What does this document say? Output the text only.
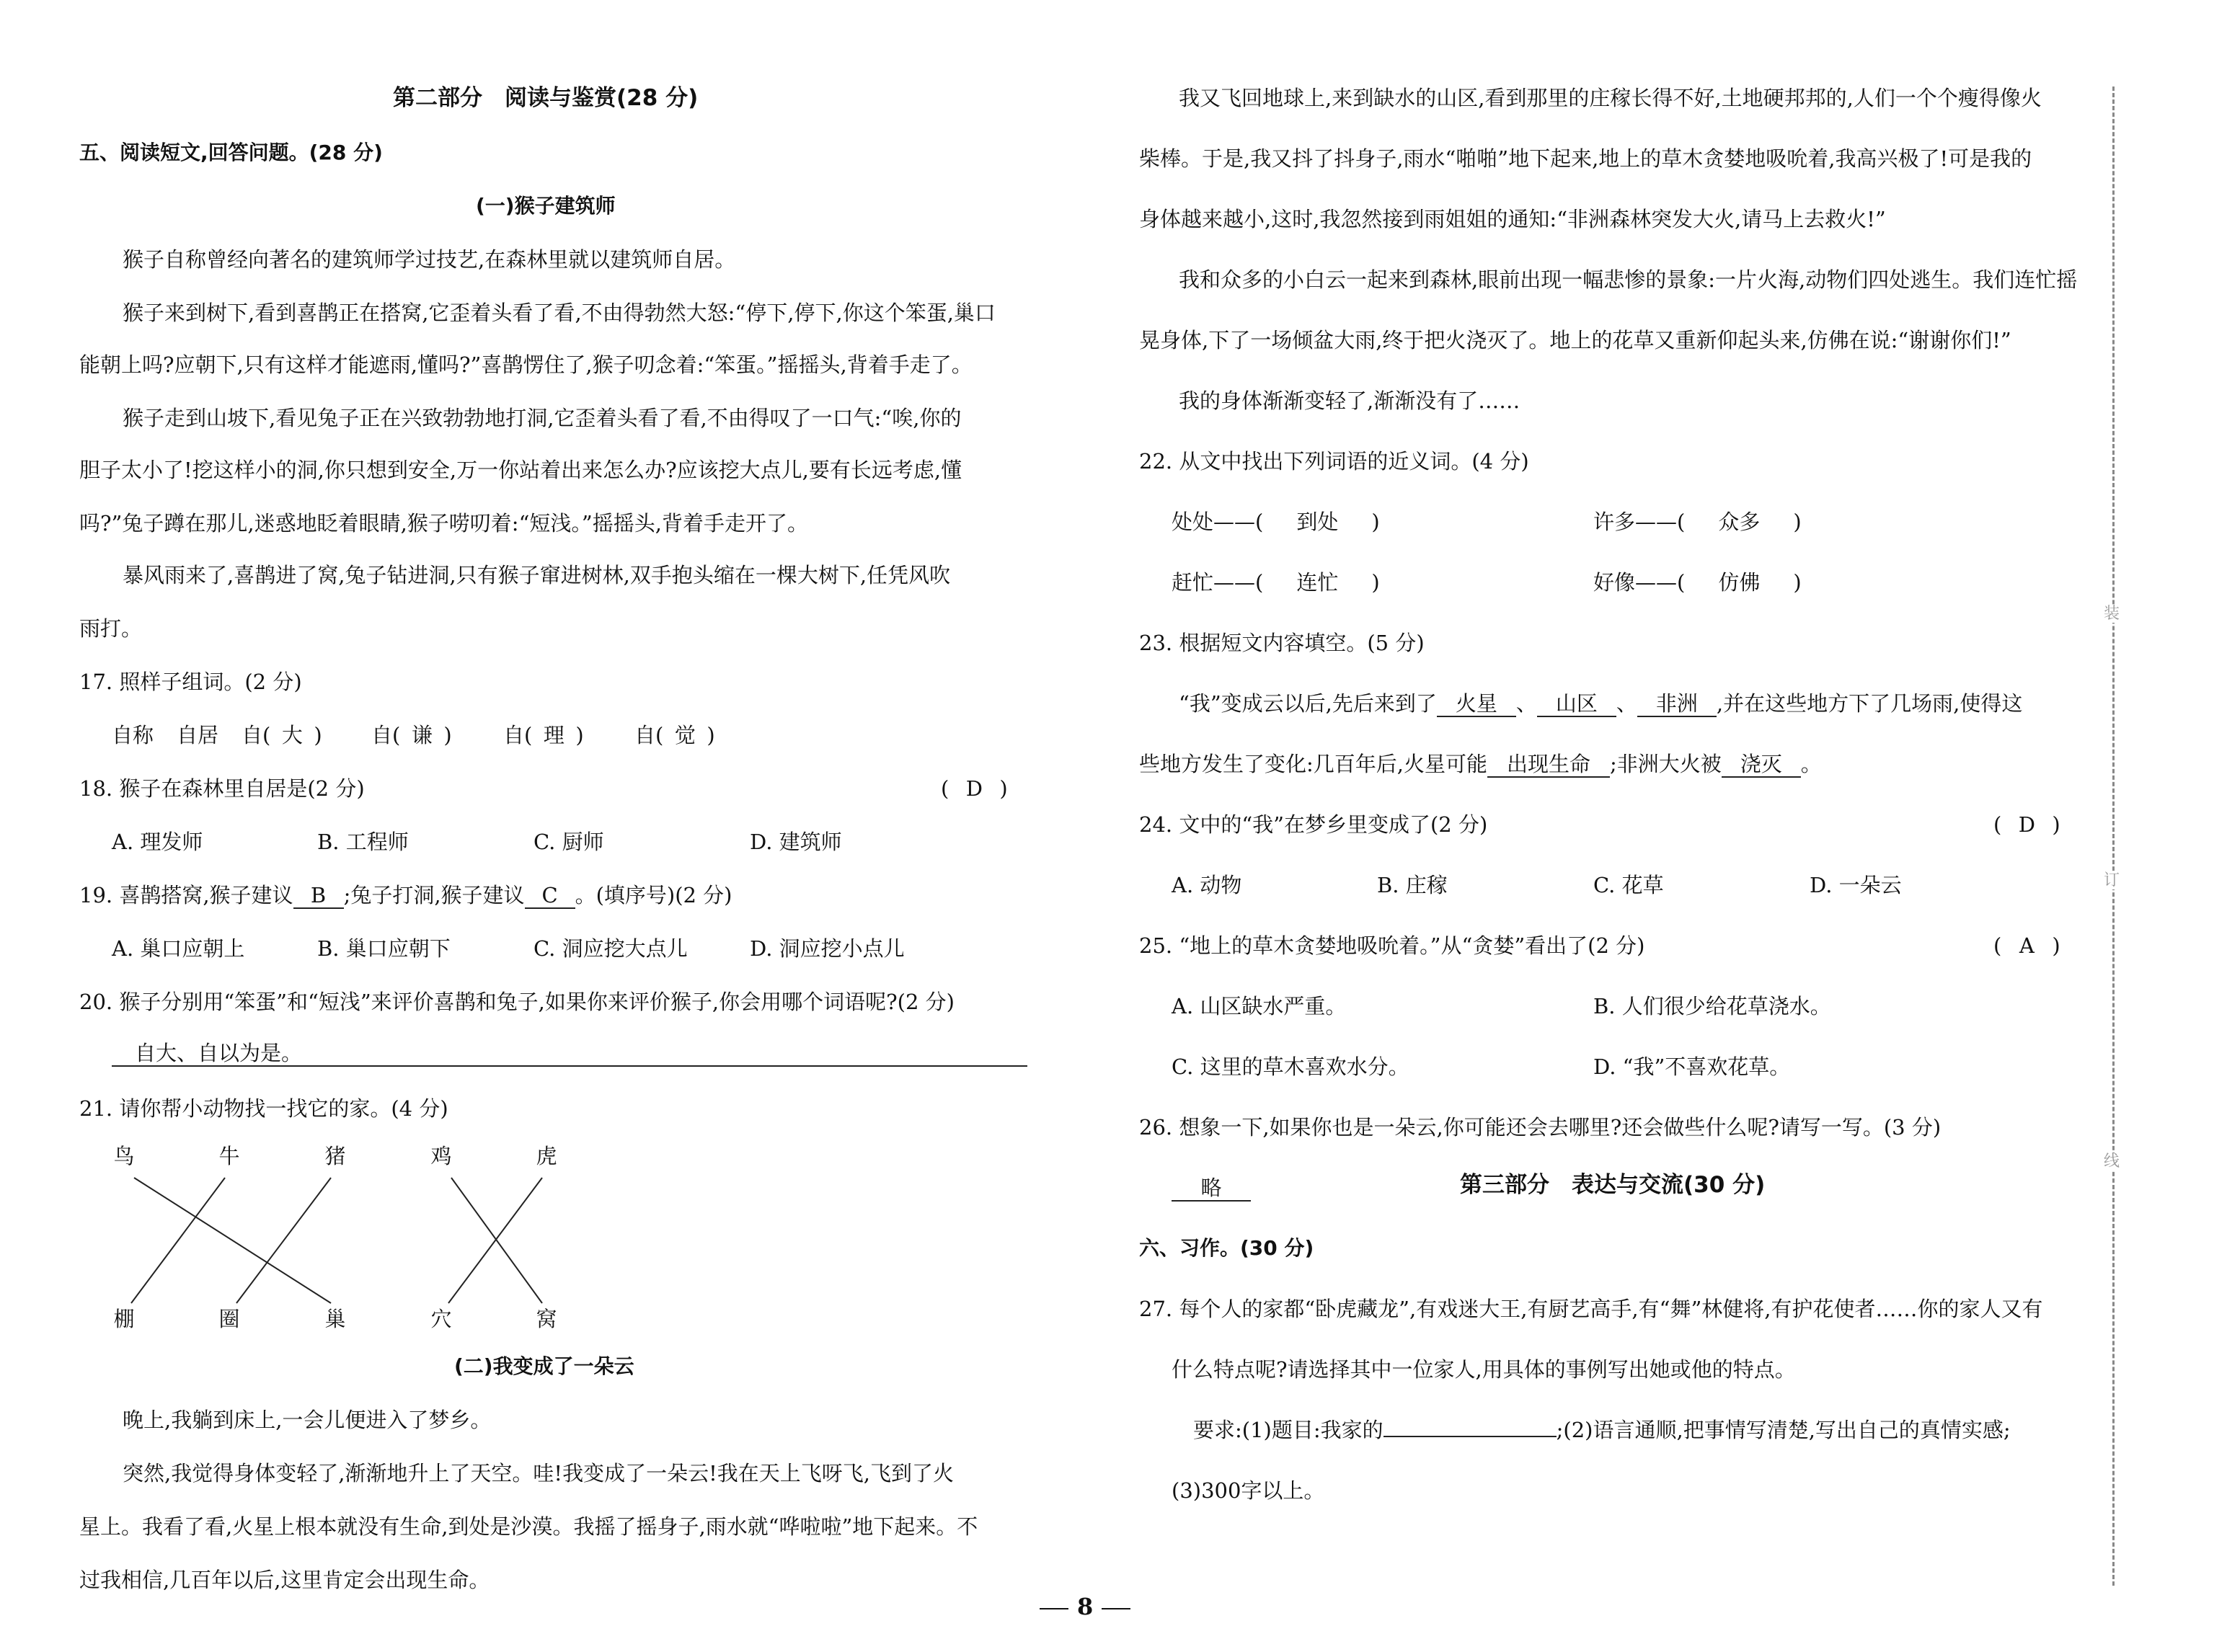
第二部分　阅读与鉴赏(28 分)
五、阅读短文,回答问题。(28 分)
(一)猴子建筑师
猴子自称曾经向著名的建筑师学过技艺,在森林里就以建筑师自居。
猴子来到树下,看到喜鹊正在搭窝,它歪着头看了看,不由得勃然大怒:“停下,停下,你这个笨蛋,巢口
能朝上吗?应朝下,只有这样才能遮雨,懂吗?”喜鹊愣住了,猴子叨念着:“笨蛋。”摇摇头,背着手走了。
猴子走到山坡下,看见兔子正在兴致勃勃地打洞,它歪着头看了看,不由得叹了一口气:“唉,你的
胆子太小了!挖这样小的洞,你只想到安全,万一你站着出来怎么办?应该挖大点儿,要有长远考虑,懂
吗?”兔子蹲在那儿,迷惑地眨着眼睛,猴子唠叨着:“短浅。”摇摇头,背着手走开了。
暴风雨来了,喜鹊进了窝,兔子钻进洞,只有猴子窜进树林,双手抱头缩在一棵大树下,任凭风吹
雨打。
17. 照样子组词。(2 分)
自称 自居 自( 大 ) 自( 谦 ) 自( 理 ) 自( 觉 )
18. 猴子在森林里自居是(2 分)	( D )
A. 理发师	B. 工程师	C. 厨师	D. 建筑师
19. 喜鹊搭窝,猴子建议 B ;兔子打洞,猴子建议 C 。(填序号)(2 分)
A. 巢口应朝上	B. 巢口应朝下	C. 洞应挖大点儿	D. 洞应挖小点儿
20. 猴子分别用“笨蛋”和“短浅”来评价喜鹊和兔子,如果你来评价猴子,你会用哪个词语呢?(2 分)
自大、自以为是。
21. 请你帮小动物找一找它的家。(4 分)
鸟	牛	猪	鸡	虎
棚	圈	巢	穴	窝
(二)我变成了一朵云
晚上,我躺到床上,一会儿便进入了梦乡。
突然,我觉得身体变轻了,渐渐地升上了天空。哇!我变成了一朵云!我在天上飞呀飞,飞到了火
星上。我看了看,火星上根本就没有生命,到处是沙漠。我摇了摇身子,雨水就“哗啦啦”地下起来。不
过我相信,几百年以后,这里肯定会出现生命。
我又飞回地球上,来到缺水的山区,看到那里的庄稼长得不好,土地硬邦邦的,人们一个个瘦得像火
柴棒。于是,我又抖了抖身子,雨水“啪啪”地下起来,地上的草木贪婪地吸吮着,我高兴极了!可是我的
身体越来越小,这时,我忽然接到雨姐姐的通知:“非洲森林突发大火,请马上去救火!”
我和众多的小白云一起来到森林,眼前出现一幅悲惨的景象:一片火海,动物们四处逃生。我们连忙摇
晃身体,下了一场倾盆大雨,终于把火浇灭了。地上的花草又重新仰起头来,仿佛在说:“谢谢你们!”
我的身体渐渐变轻了,渐渐没有了……
22. 从文中找出下列词语的近义词。(4 分)
处处——( 到处 )	许多——( 众多 )
赶忙——( 连忙 )	好像——( 仿佛 )
23. 根据短文内容填空。(5 分)
“我”变成云以后,先后来到了 火星 、 山区 、 非洲 ,并在这些地方下了几场雨,使得这
些地方发生了变化:几百年后,火星可能 出现生命 ;非洲大火被 浇灭 。
24. 文中的“我”在梦乡里变成了(2 分)	( D )
A. 动物	B. 庄稼	C. 花草	D. 一朵云
25. “地上的草木贪婪地吸吮着。”从“贪婪”看出了(2 分)	( A )
A. 山区缺水严重。	B. 人们很少给花草浇水。
C. 这里的草木喜欢水分。	D. “我”不喜欢花草。
26. 想象一下,如果你也是一朵云,你可能还会去哪里?还会做些什么呢?请写一写。(3 分)
略	第三部分　表达与交流(30 分)
六、习作。(30 分)
27. 每个人的家都“卧虎藏龙”,有戏迷大王,有厨艺高手,有“舞”林健将,有护花使者……你的家人又有
什么特点呢?请选择其中一位家人,用具体的事例写出她或他的特点。
要求:(1)题目:我家的	;(2)语言通顺,把事情写清楚,写出自己的真情实感;
(3)300字以上。
装
订
线
8
